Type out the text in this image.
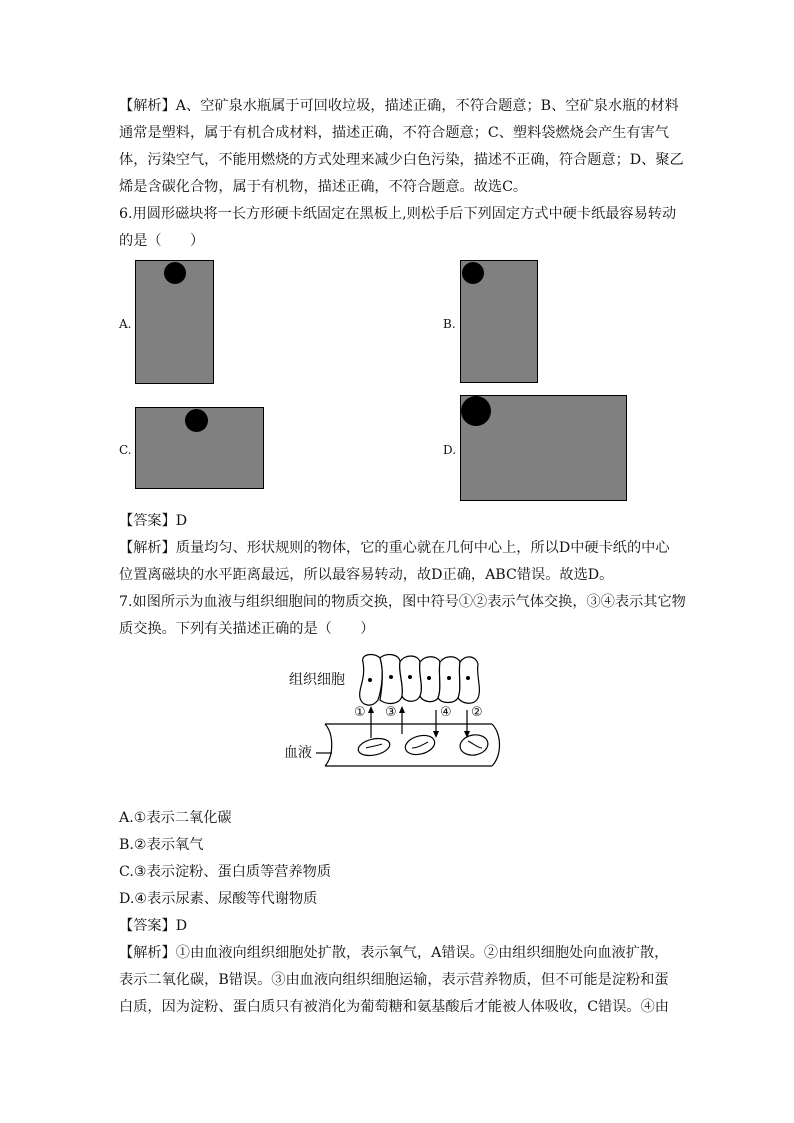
【解析】A、空矿泉水瓶属于可回收垃圾，描述正确，不符合题意；B、空矿泉水瓶的材料
通常是塑料，属于有机合成材料，描述正确，不符合题意；C、塑料袋燃烧会产生有害气
体，污染空气，不能用燃烧的方式处理来减少白色污染，描述不正确，符合题意；D、聚乙
烯是含碳化合物，属于有机物，描述正确，不符合题意。故选C。
6.用圆形磁块将一长方形硬卡纸固定在黑板上,则松手后下列固定方式中硬卡纸最容易转动
的是（　　）
A.	B.
C.	D.
【答案】D
【解析】质量均匀、形状规则的物体，它的重心就在几何中心上，所以D中硬卡纸的中心
位置离磁块的水平距离最远，所以最容易转动，故D正确，ABC错误。故选D。
7.如图所示为血液与组织细胞间的物质交换，图中符号①②表示气体交换，③④表示其它物
质交换。下列有关描述正确的是（　　）
组织细胞
血液
① ③	④ ②
A.①表示二氧化碳
B.②表示氧气
C.③表示淀粉、蛋白质等营养物质
D.④表示尿素、尿酸等代谢物质
【答案】D
【解析】①由血液向组织细胞处扩散，表示氧气，A错误。②由组织细胞处向血液扩散，
表示二氧化碳，B错误。③由血液向组织细胞运输，表示营养物质，但不可能是淀粉和蛋
白质，因为淀粉、蛋白质只有被消化为葡萄糖和氨基酸后才能被人体吸收，C错误。④由
